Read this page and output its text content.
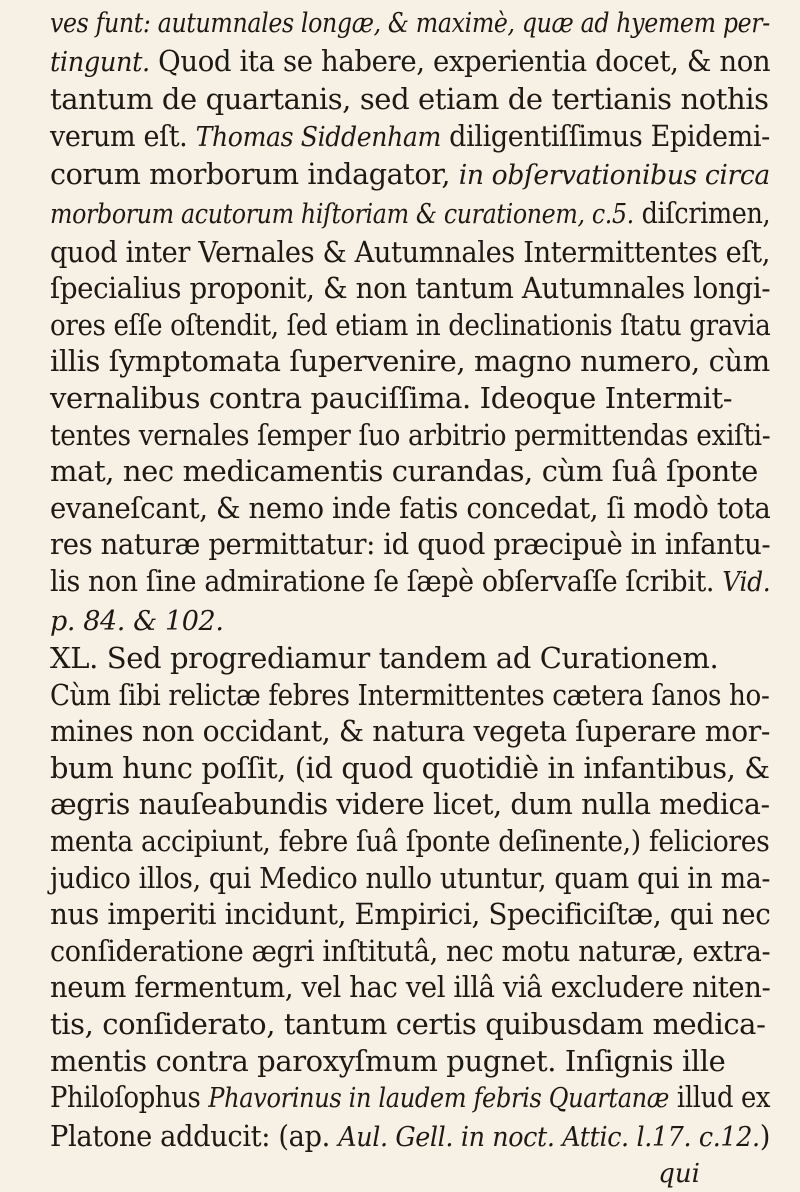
ves funt: autumnales longæ, & maximè, quæ ad hyemem per-
tingunt. Quod ita se habere, experientia docet, & non
tantum de quartanis, sed etiam de tertianis nothis
verum eſt. Thomas Siddenham diligentiſſimus Epidemi-
corum morborum indagator, in obſervationibus circa
morborum acutorum hiſtoriam & curationem, c.5. diſcrimen,
quod inter Vernales & Autumnales Intermittentes eſt,
ſpecialius proponit, & non tantum Autumnales longi-
ores eſſe oſtendit, ſed etiam in declinationis ſtatu gravia
illis ſymptomata ſupervenire, magno numero, cùm
vernalibus contra pauciſſima. Ideoque Intermit-
tentes vernales ſemper ſuo arbitrio permittendas exiſti-
mat, nec medicamentis curandas, cùm ſuâ ſponte
evaneſcant, & nemo inde fatis concedat, ſi modò tota
res naturæ permittatur: id quod præcipuè in infantu-
lis non ſine admiratione ſe ſæpè obſervaſſe ſcribit. Vid.
p. 84. & 102.
XL. Sed progrediamur tandem ad Curationem.
Cùm ſibi relictæ febres Intermittentes cætera ſanos ho-
mines non occidant, & natura vegeta ſuperare mor-
bum hunc poſſit, (id quod quotidiè in infantibus, &
ægris nauſeabundis videre licet, dum nulla medica-
menta accipiunt, febre ſuâ ſponte deſinente,) feliciores
judico illos, qui Medico nullo utuntur, quam qui in ma-
nus imperiti incidunt, Empirici, Specificiſtæ, qui nec
conſideratione ægri inſtitutâ, nec motu naturæ, extra-
neum fermentum, vel hac vel illâ viâ excludere niten-
tis, conſiderato, tantum certis quibusdam medica-
mentis contra paroxyſmum pugnet. Inſignis ille
Philoſophus Phavorinus in laudem febris Quartanæ illud ex
Platone adducit: (ap. Aul. Gell. in noct. Attic. l.17. c.12.)
qui
